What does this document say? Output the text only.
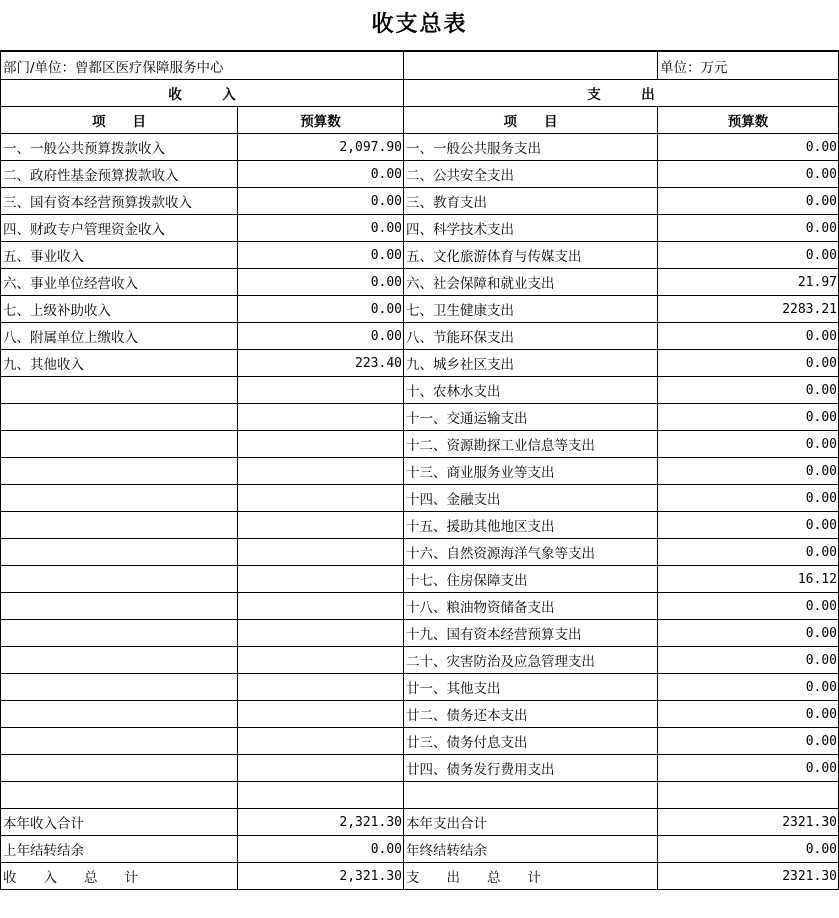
收支总表
部门/单位：曾都区医疗保障服务中心			单位：万元
收　　　入		支　　　出	
项　　目	预算数	项　　目	预算数
一、一般公共预算拨款收入	2,097.90	一、一般公共服务支出	0.00
二、政府性基金预算拨款收入	0.00	二、公共安全支出	0.00
三、国有资本经营预算拨款收入	0.00	三、教育支出	0.00
四、财政专户管理资金收入	0.00	四、科学技术支出	0.00
五、事业收入	0.00	五、文化旅游体育与传媒支出	0.00
六、事业单位经营收入	0.00	六、社会保障和就业支出	21.97
七、上级补助收入	0.00	七、卫生健康支出	2283.21
八、附属单位上缴收入	0.00	八、节能环保支出	0.00
九、其他收入	223.40	九、城乡社区支出	0.00
		十、农林水支出	0.00
		十一、交通运输支出	0.00
		十二、资源勘探工业信息等支出	0.00
		十三、商业服务业等支出	0.00
		十四、金融支出	0.00
		十五、援助其他地区支出	0.00
		十六、自然资源海洋气象等支出	0.00
		十七、住房保障支出	16.12
		十八、粮油物资储备支出	0.00
		十九、国有资本经营预算支出	0.00
		二十、灾害防治及应急管理支出	0.00
		廿一、其他支出	0.00
		廿二、债务还本支出	0.00
		廿三、债务付息支出	0.00
		廿四、债务发行费用支出	0.00

本年收入合计	2,321.30	本年支出合计	2321.30
上年结转结余	0.00	年终结转结余	0.00
收　　入　　总　　计	2,321.30	支　　出　　总　　计	2321.30
